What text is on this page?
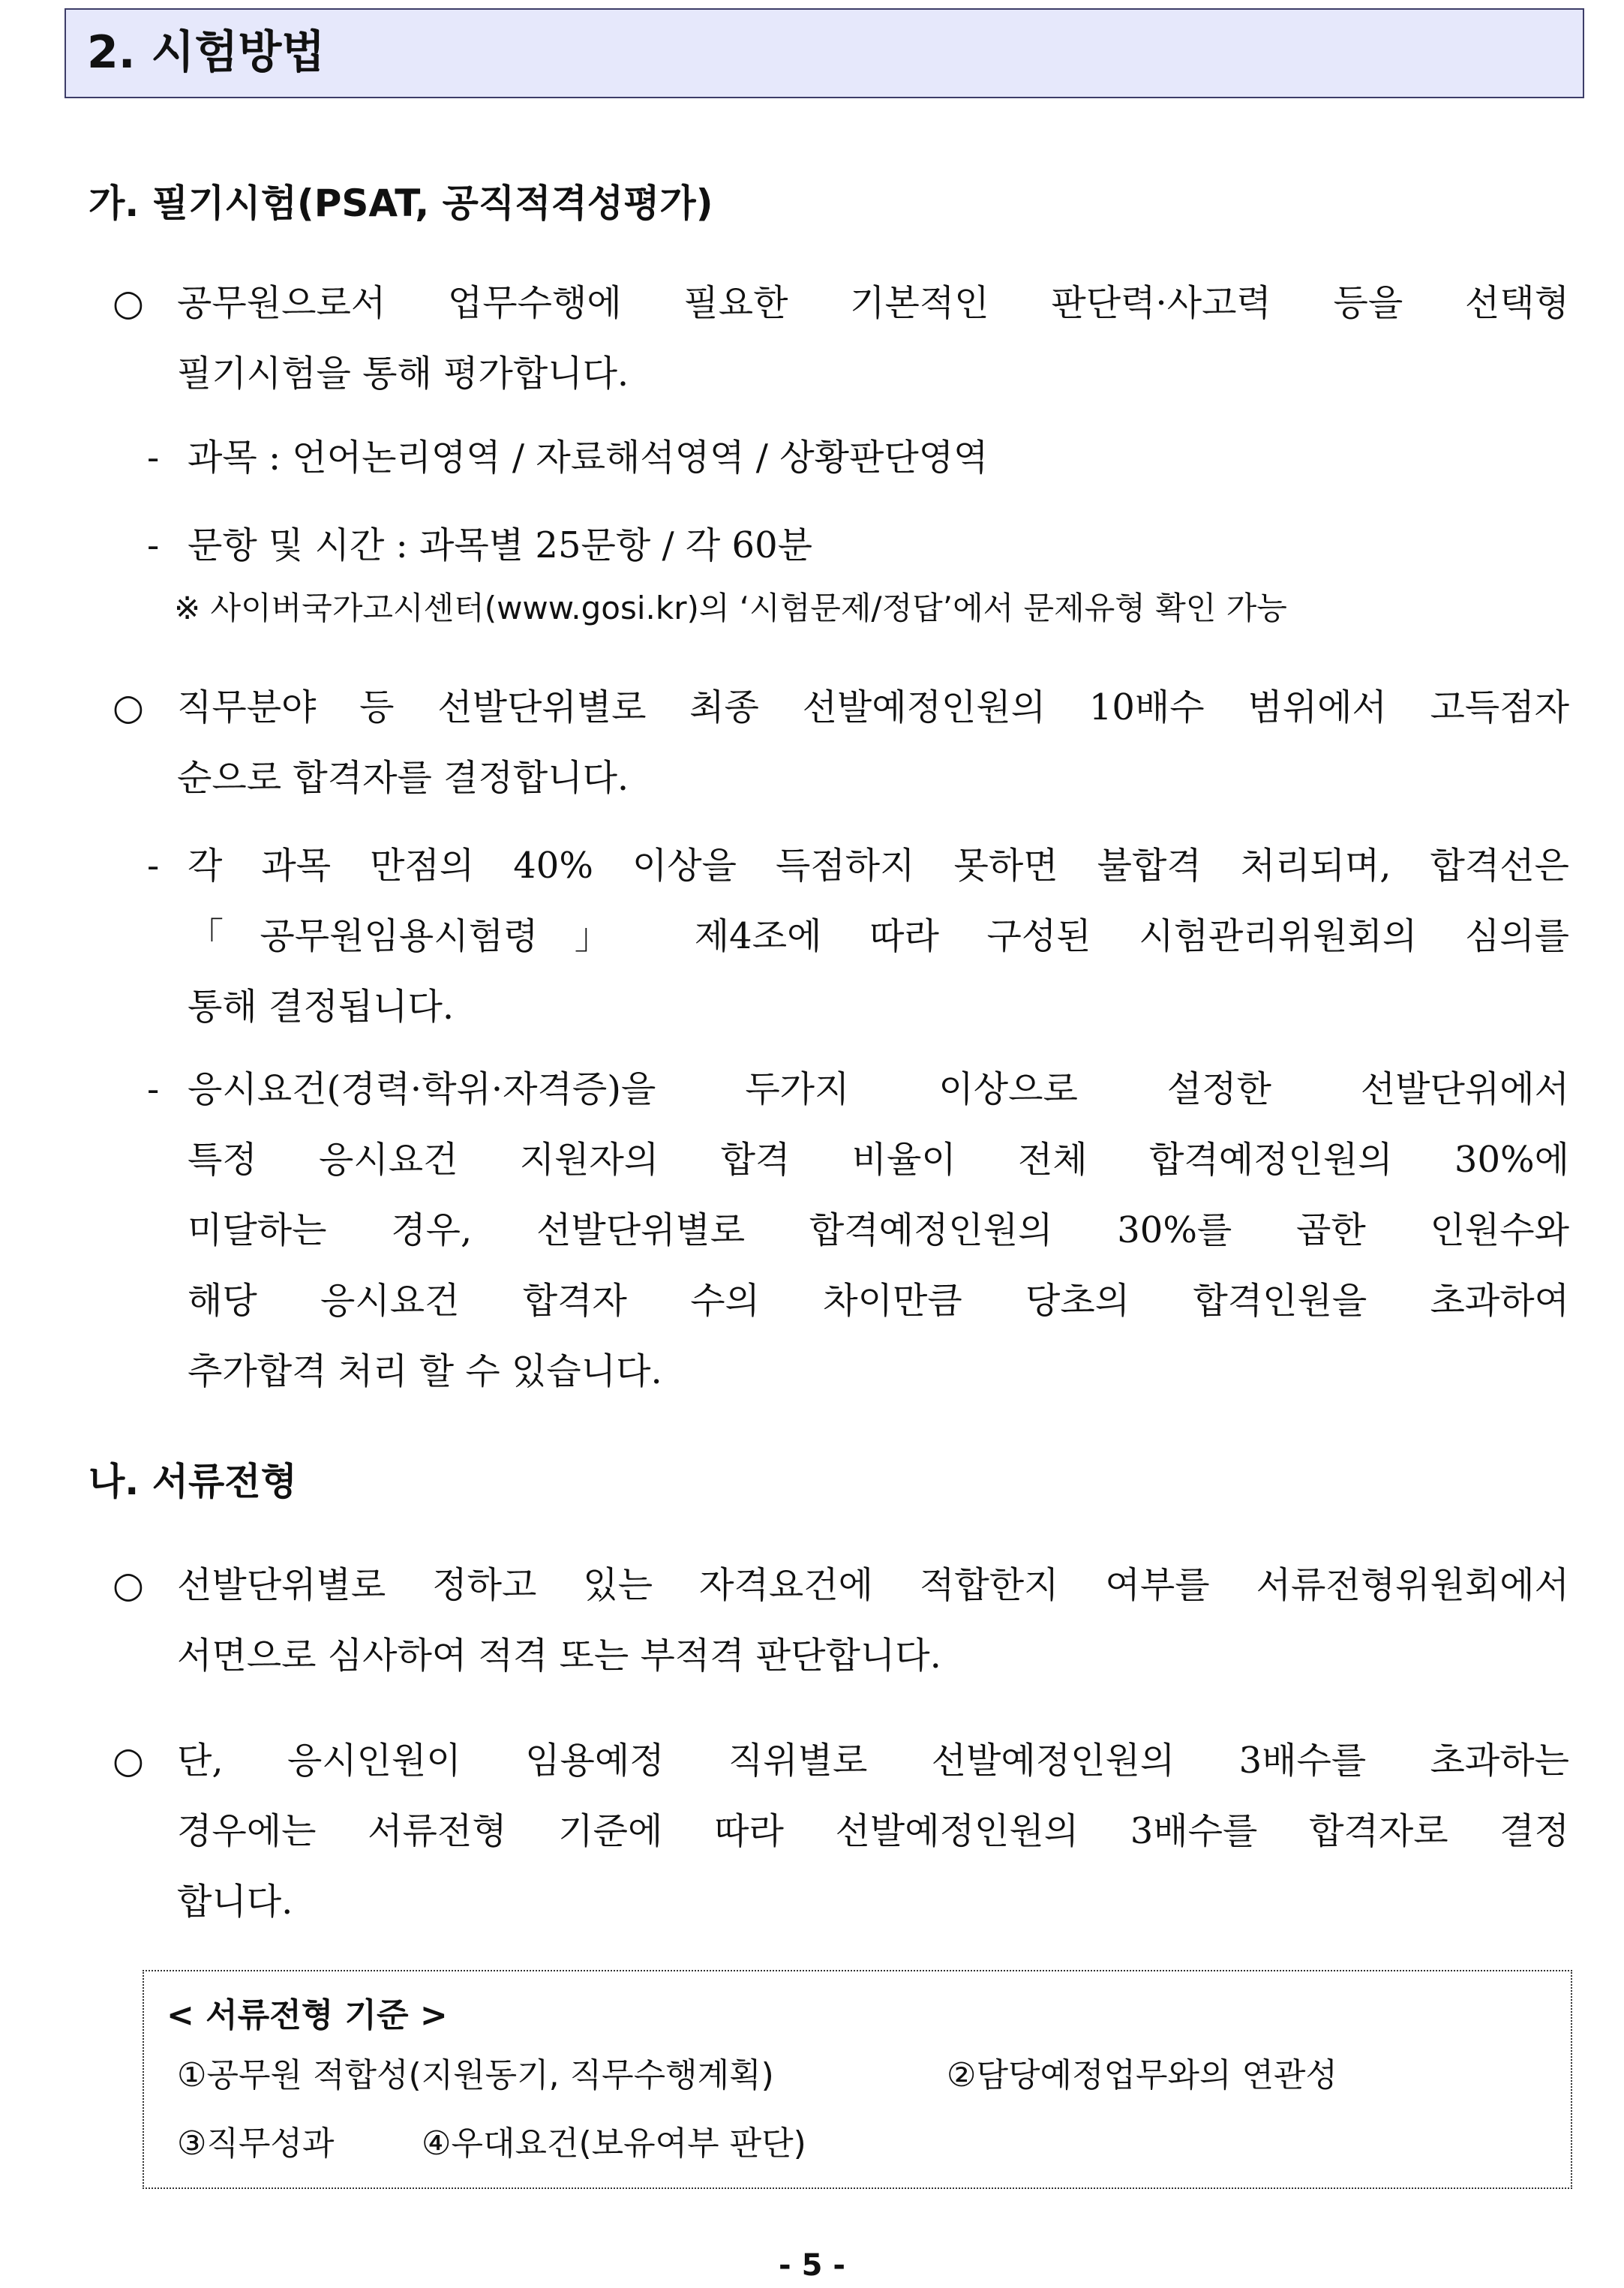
2. 시험방법
가. 필기시험(PSAT, 공직적격성평가)
○ 공무원으로서 업무수행에 필요한 기본적인 판단력·사고력 등을 선택형
필기시험을 통해 평가합니다.
- 과목 : 언어논리영역 / 자료해석영역 / 상황판단영역
- 문항 및 시간 : 과목별 25문항 / 각 60분
※ 사이버국가고시센터(www.gosi.kr)의 ‘시험문제/정답’에서 문제유형 확인 가능
○ 직무분야 등 선발단위별로 최종 선발예정인원의 10배수 범위에서 고득점자
순으로 합격자를 결정합니다.
- 각 과목 만점의 40% 이상을 득점하지 못하면 불합격 처리되며, 합격선은
「공무원임용시험령」 제4조에 따라 구성된 시험관리위원회의 심의를
통해 결정됩니다.
- 응시요건(경력·학위·자격증)을 두가지 이상으로 설정한 선발단위에서
특정 응시요건 지원자의 합격 비율이 전체 합격예정인원의 30%에
미달하는 경우, 선발단위별로 합격예정인원의 30%를 곱한 인원수와
해당 응시요건 합격자 수의 차이만큼 당초의 합격인원을 초과하여
추가합격 처리 할 수 있습니다.
나. 서류전형
○ 선발단위별로 정하고 있는 자격요건에 적합한지 여부를 서류전형위원회에서
서면으로 심사하여 적격 또는 부적격 판단합니다.
○ 단, 응시인원이 임용예정 직위별로 선발예정인원의 3배수를 초과하는
경우에는 서류전형 기준에 따라 선발예정인원의 3배수를 합격자로 결정
합니다.
< 서류전형 기준 >
①공무원 적합성(지원동기, 직무수행계획)	②담당예정업무와의 연관성
③직무성과	④우대요건(보유여부 판단)
- 5 -
